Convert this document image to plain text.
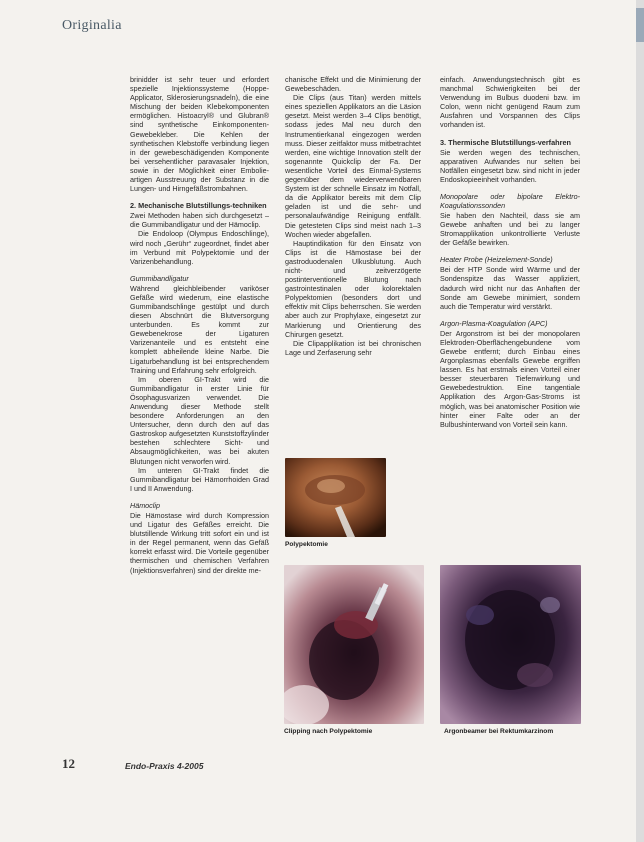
Originalia

brinidder ist sehr teuer und erfordert spezielle Injektionssysteme (Hoppe-Applicator, Sklerosierungsnadeln), die eine Mischung der beiden Klebekomponenten ermöglichen. Histoacryl® und Glubran® sind synthetische Einkomponenten-Gewebekleber. Die Kehlen der synthetischen Klebstoffe verbindung liegen in der gewebeschädigenden Komponente bei versehentlicher paravasaler Injektion, sowie in der Möglichkeit einer Embolie-artigen Ausstreuung der Substanz in die Lungen- und Hirngefäßstrombahnen.

2. Mechanische Blutstillungs-techniken

Zwei Methoden haben sich durchgesetzt – die Gummibandligatur und der Hämoclip.

Die Endoloop (Olympus Endoschlinge), wird noch „Gerühr“ zugeordnet, findet aber im Verbund mit Polypektomie und der Varizenbehandlung.

Gummibandligatur

Während gleichbleibender variköser Gefäße wird wiederum, eine elastische Gummibandschlinge gestülpt und durch diesen Abschnürt die Blutversorgung unterbunden. Es kommt zur Gewebenekrose der Ligaturen Varizenanteile und es entsteht eine komplett abheilende kleine Narbe. Die Ligaturbehandlung ist bei entsprechendem Training und Erfahrung sehr erfolgreich.

Im oberen GI-Trakt wird die Gummibandligatur in erster Linie für Ösophagusvarizen verwendet. Die Anwendung dieser Methode stellt besondere Anforderungen an den Untersucher, denn durch den auf das Gastroskop aufgesetzten Kunststoffzylinder bestehen schlechtere Sicht- und Absaugmöglichkeiten, was bei akuten Blutungen nicht verworfen wird.

Im unteren GI-Trakt findet die Gummibandligatur bei Hämorrhoiden Grad I und II Anwendung.

Hämoclip

Die Hämostase wird durch Kompression und Ligatur des Gefäßes erreicht. Die blutstillende Wirkung tritt sofort ein und ist in der Regel permanent, wenn das Gefäß korrekt erfasst wird. Die Vorteile gegenüber thermischen und chemischen Verfahren (Injektionsverfahren) sind der direkte me-

chanische Effekt und die Minimierung der Gewebeschäden.

Die Clips (aus Titan) werden mittels eines speziellen Applikators an die Läsion gesetzt. Meist werden 3–4 Clips benötigt, sodass jedes Mal neu durch den Instrumentierkanal eingezogen werden muss. Dieser zeitfaktor muss mitbetrachtet werden, eine wichtige Innovation stellt der sogenannte Quickclip der Fa. Der wesentliche Vorteil des Einmal-Systems gegenüber dem wiederverwendbaren System ist der schnelle Einsatz im Notfall, da die Applikator bereits mit dem Clip geladen ist und die sehr- und personalaufwändige Reinigung entfällt. Die getesteten Clips sind meist nach 1–3 Wochen wieder abgefallen.

Hauptindikation für den Einsatz von Clips ist die Hämostase bei der gastroduodenalen Ulkusblutung. Auch nicht- und zeitverzögerte postinterventionelle Blutung nach gastrointestinalen oder kolorektalen Polypektomien (besonders dort und effektiv mit Clips beherrschen. Sie werden aber auch zur Prophylaxe, eingesetzt zur Markierung und Orientierung des Chirurgen gesetzt.

Die Clipapplikation ist bei chronischen Lage und Zerfaserung sehr

einfach. Anwendungstechnisch gibt es manchmal Schwierigkeiten bei der Verwendung im Bulbus duodeni bzw. im Colon, wenn nicht genügend Raum zum Ausfahren und Vorspannen des Clips vorhanden ist.

3. Thermische Blutstillungs-verfahren

Sie werden wegen des technischen, apparativen Aufwandes nur selten bei Notfällen eingesetzt bzw. sind nicht in jeder Endoskopieeinheit vorhanden.

Monopolare oder bipolare Elektro-Koagulationssonden

Sie haben den Nachteil, dass sie am Gewebe anhaften und bei zu langer Stromapplikation unkontrollierte Verluste der Gefäße bewirken.

Heater Probe (Heizelement-Sonde)

Bei der HTP Sonde wird Wärme und der Sondenspitze das Wasser appliziert, dadurch wird nicht nur das Anhaften der Sonde am Gewebe minimiert, sondern auch die Temperatur wird verstärkt.

Argon-Plasma-Koagulation (APC)

Der Argonstrom ist bei der monopolaren Elektroden-Oberflächengebundene vom Gewebe entfernt; durch Einbau eines Argonplasmas ebenfalls Gewebe ergriffen lassen. Es hat erstmals einen Vorteil einer besser steuerbaren Tiefenwirkung und Gewebedestruktion. Eine tangentiale Applikation des Argon-Gas-Stroms ist möglich, was bei anatomischer Position wie hinter einer Falte oder an der Bulbushinterwand von Vorteil sein kann.

Polypektomie
Clipping nach Polypektomie	Argonbeamer bei Rektumkarzinom
12	Endo-Praxis 4-2005
